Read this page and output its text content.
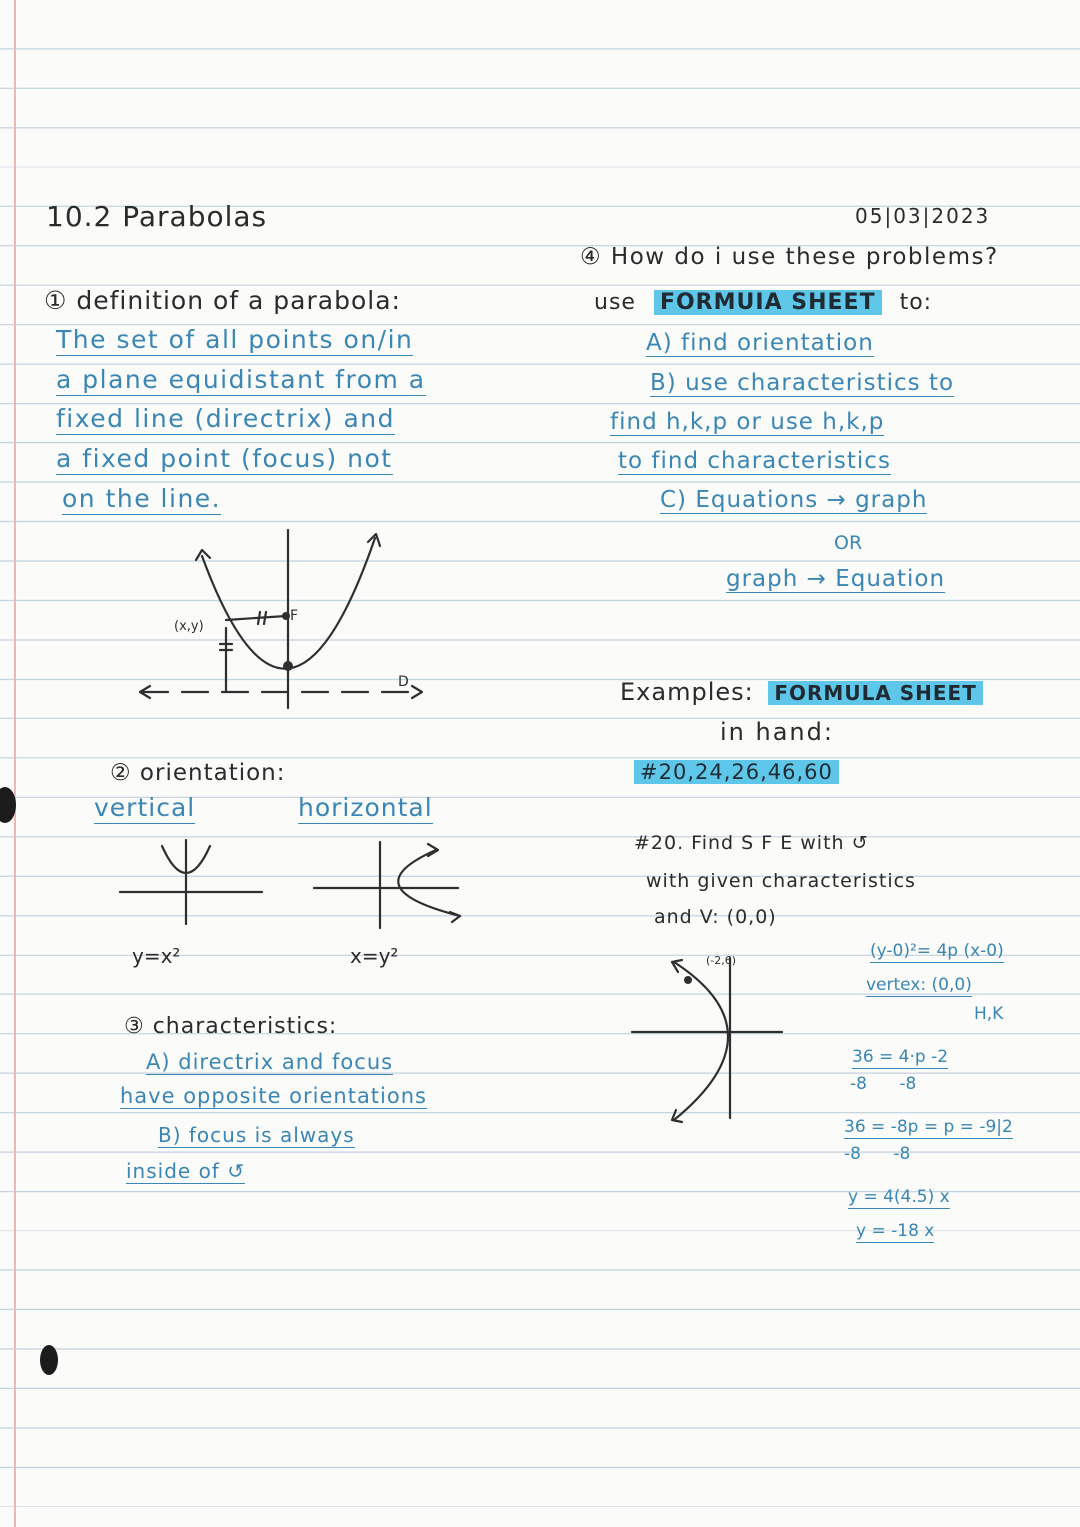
10.2 Parabolas	05|03|2023
① definition of a parabola:
The set of all points on/in
a plane equidistant from a
fixed line (directrix) and
a fixed point (focus) not
on the line.
(x,y)
F
D
② orientation:
vertical	horizontal
y=x²	x=y²
③ characteristics:
A) directrix and focus
have opposite orientations
B) focus is always
inside of ↺
④ How do i use these problems?
use FORMUIA SHEET to:
A) find orientation
B) use characteristics to
find h,k,p or use h,k,p
to find characteristics
C) Equations → graph
OR
graph → Equation
Examples: FORMULA SHEET
in hand:
#20,24,26,46,60
#20. Find S F E with ↺
with given characteristics
and V: (0,0)
(-2,6)	(y-0)²= 4p (x-0)
vertex: (0,0)
H,K
36 = 4·p -2
-8      -8
36 = -8p = p = -9|2
-8      -8
y = 4(4.5) x
y = -18 x
